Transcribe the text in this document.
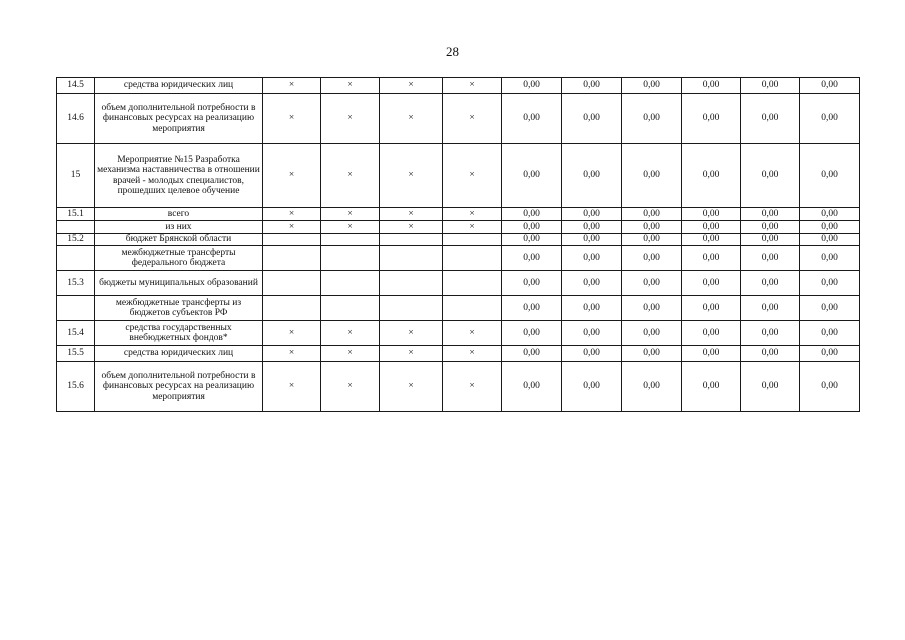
28
14.5	средства юридических лиц	×	×	×	×	0,00	0,00	0,00	0,00	0,00	0,00
14.6	объем дополнительной потребности в финансовых ресурсах на реализацию мероприятия	×	×	×	×	0,00	0,00	0,00	0,00	0,00	0,00
15	Мероприятие №15 Разработка механизма наставничества в отношении врачей - молодых специалистов, прошедших целевое обучение	×	×	×	×	0,00	0,00	0,00	0,00	0,00	0,00
15.1	всего	×	×	×	×	0,00	0,00	0,00	0,00	0,00	0,00
	из них	×	×	×	×	0,00	0,00	0,00	0,00	0,00	0,00
15.2	бюджет Брянской области					0,00	0,00	0,00	0,00	0,00	0,00
	межбюджетные трансферты федерального бюджета					0,00	0,00	0,00	0,00	0,00	0,00
15.3	бюджеты муниципальных образований					0,00	0,00	0,00	0,00	0,00	0,00
	межбюджетные трансферты из бюджетов субъектов РФ					0,00	0,00	0,00	0,00	0,00	0,00
15.4	средства государственных внебюджетных фондов*	×	×	×	×	0,00	0,00	0,00	0,00	0,00	0,00
15.5	средства юридических лиц	×	×	×	×	0,00	0,00	0,00	0,00	0,00	0,00
15.6	объем дополнительной потребности в финансовых ресурсах на реализацию мероприятия	×	×	×	×	0,00	0,00	0,00	0,00	0,00	0,00
